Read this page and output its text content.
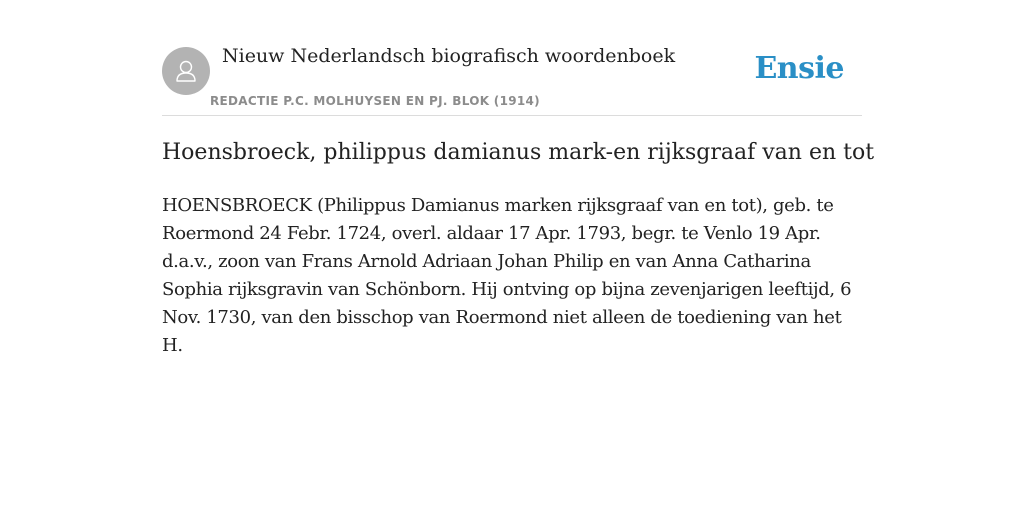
Nieuw Nederlandsch biografisch woordenboek
REDACTIE P.C. MOLHUYSEN EN PJ. BLOK (1914)
Ensie
Hoensbroeck, philippus damianus mark-en rijksgraaf van en tot

HOENSBROECK (Philippus Damianus marken rijksgraaf van en tot), geb. te Roermond 24 Febr. 1724, overl. aldaar 17 Apr. 1793, begr. te Venlo 19 Apr. d.a.v., zoon van Frans Arnold Adriaan Johan Philip en van Anna Catharina Sophia rijksgravin van Schönborn. Hij ontving op bijna zevenjarigen leeftijd, 6 Nov. 1730, van den bisschop van Roermond niet alleen de toediening van het H.
